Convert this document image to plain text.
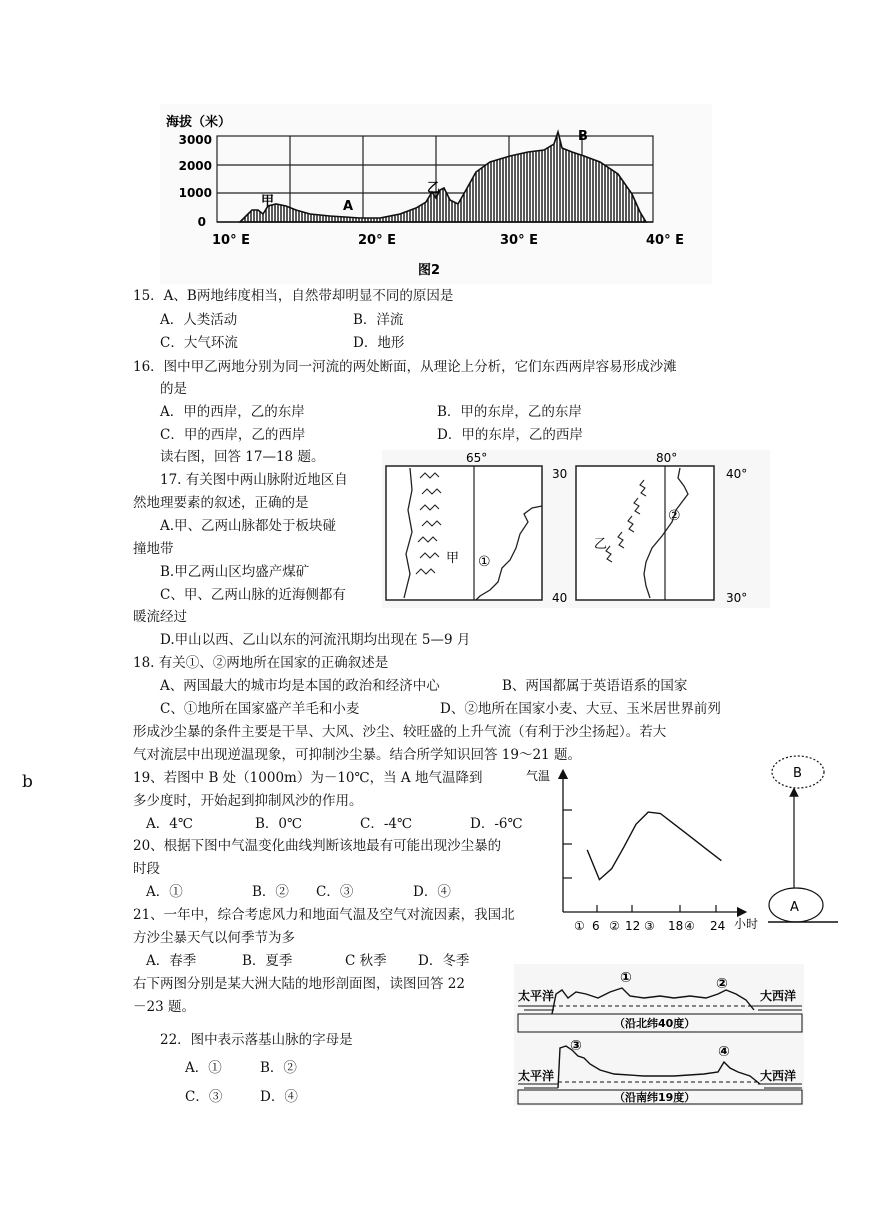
海拔（米）
3000
2000
1000
0
甲	A
乙
B
10° E	20° E	30° E	40° E
图2
15．A、B两地纬度相当，自然带却明显不同的原因是
A．人类活动	B．洋流
C．大气环流	D．地形
16．图中甲乙两地分别为同一河流的两处断面，从理论上分析，它们东西两岸容易形成沙滩
的是
A．甲的西岸，乙的东岸	B．甲的东岸，乙的东岸
C．甲的西岸，乙的西岸	D．甲的东岸，乙的西岸
读右图，回答 17—18 题。
17. 有关图中两山脉附近地区自
然地理要素的叙述，正确的是
A.甲、乙两山脉都处于板块碰
撞地带
B.甲乙两山区均盛产煤矿
C、甲、乙两山脉的近海侧都有
暖流经过
D.甲山以西、乙山以东的河流汛期均出现在 5—9 月
65°
30
40
甲 ①
80°
40°
30°
乙
②
18. 有关①、②两地所在国家的正确叙述是
A、两国最大的城市均是本国的政治和经济中心	B、两国都属于英语语系的国家
C、①地所在国家盛产羊毛和小麦	D、②地所在国家小麦、大豆、玉米居世界前列
形成沙尘暴的条件主要是干旱、大风、沙尘、较旺盛的上升气流（有利于沙尘扬起）。若大
气对流层中出现逆温现象，可抑制沙尘暴。结合所学知识回答 19～21 题。
b	19、若图中 B 处（1000m）为－10℃，当 A 地气温降到
多少度时，开始起到抑制风沙的作用。
A．4℃	B．0℃	C．-4℃	D．-6℃
20、根据下图中气温变化曲线判断该地最有可能出现沙尘暴的
时段
A．①	B．② C．③	D．④
21、一年中，综合考虑风力和地面气温及空气对流因素，我国北
方沙尘暴天气以何季节为多
A．春季	B．夏季	C 秋季 D．冬季
气温
小时
① 6 ② 12 ③ 18 ④ 24
B
A
右下两图分别是某大洲大陆的地形剖面图，读图回答 22
－23 题。
22．图中表示落基山脉的字母是
A．①	B．②
C．③	D．④
太平洋	大西洋
①	②
（沿北纬40度）
③	④
太平洋	大西洋
（沿南纬19度）
